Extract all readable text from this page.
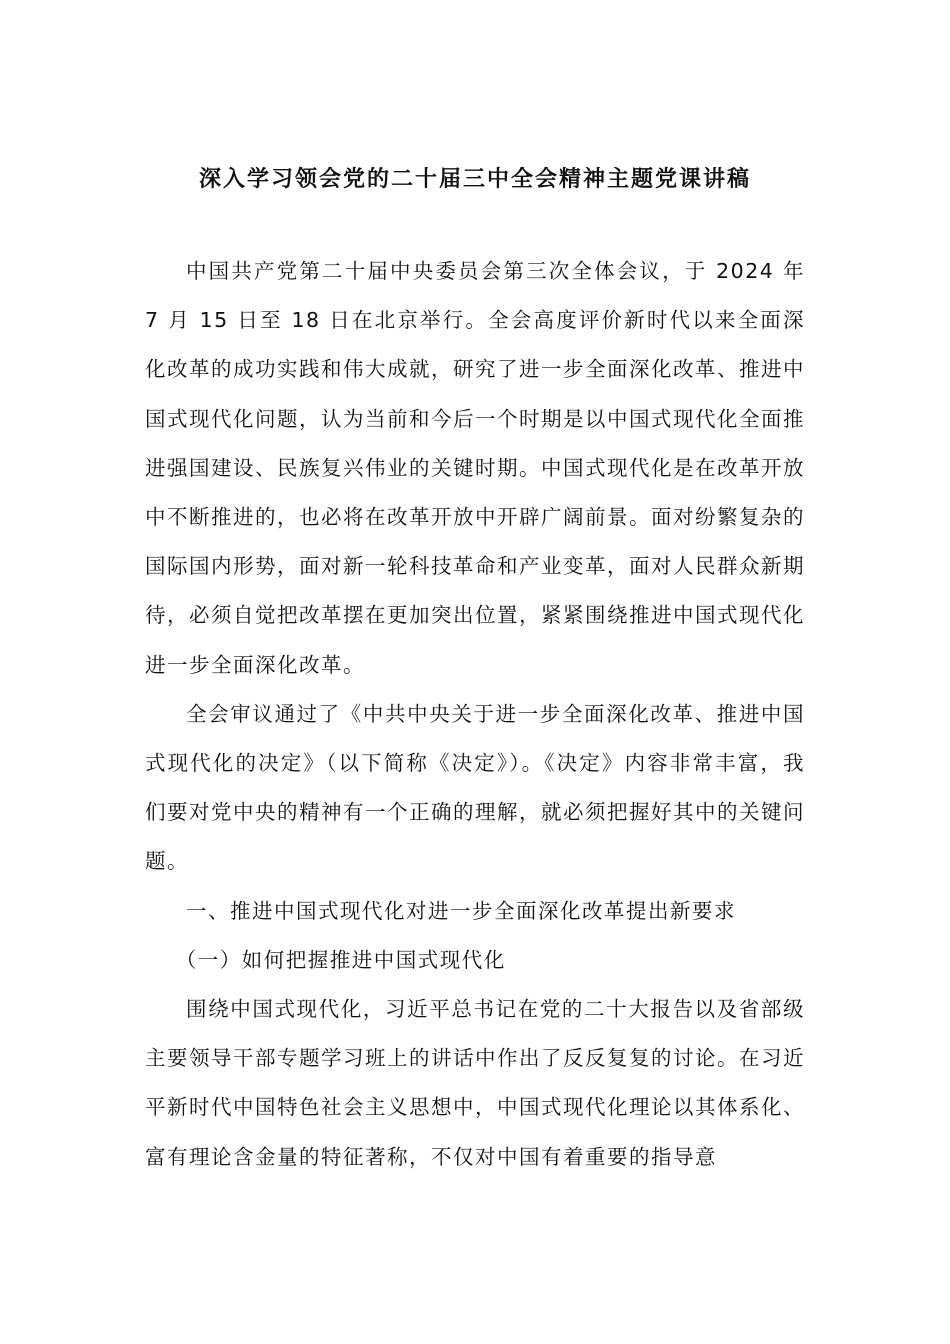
深入学习领会党的二十届三中全会精神主题党课讲稿

中国共产党第二十届中央委员会第三次全体会议，于 2024 年 7 月 15 日至 18 日在北京举行。全会高度评价新时代以来全面深化改革的成功实践和伟大成就，研究了进一步全面深化改革、推进中国式现代化问题，认为当前和今后一个时期是以中国式现代化全面推进强国建设、民族复兴伟业的关键时期。中国式现代化是在改革开放中不断推进的，也必将在改革开放中开辟广阔前景。面对纷繁复杂的国际国内形势，面对新一轮科技革命和产业变革，面对人民群众新期待，必须自觉把改革摆在更加突出位置，紧紧围绕推进中国式现代化进一步全面深化改革。

全会审议通过了《中共中央关于进一步全面深化改革、推进中国式现代化的决定》（以下简称《决定》）。《决定》内容非常丰富，我们要对党中央的精神有一个正确的理解，就必须把握好其中的关键问题。

一、推进中国式现代化对进一步全面深化改革提出新要求

（一）如何把握推进中国式现代化

围绕中国式现代化，习近平总书记在党的二十大报告以及省部级主要领导干部专题学习班上的讲话中作出了反反复复的讨论。在习近平新时代中国特色社会主义思想中，中国式现代化理论以其体系化、富有理论含金量的特征著称，不仅对中国有着重要的指导意
